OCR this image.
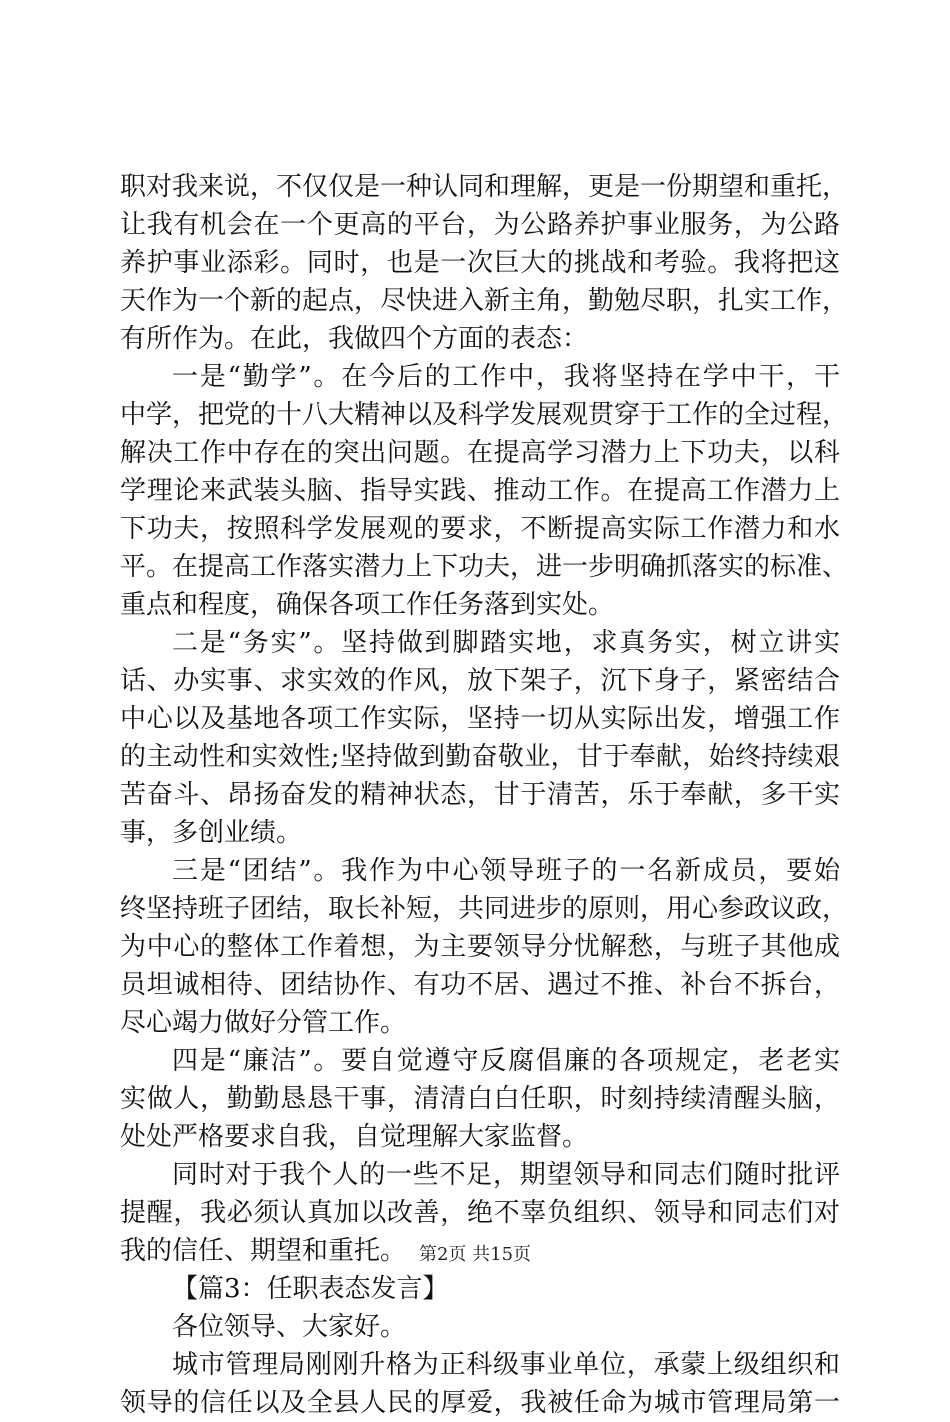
职对我来说，不仅仅是一种认同和理解，更是一份期望和重托，
让我有机会在一个更高的平台，为公路养护事业服务，为公路
养护事业添彩。同时，也是一次巨大的挑战和考验。我将把这
天作为一个新的起点，尽快进入新主角，勤勉尽职，扎实工作，
有所作为。在此，我做四个方面的表态：
一是“勤学”。在今后的工作中，我将坚持在学中干，干
中学，把党的十八大精神以及科学发展观贯穿于工作的全过程，
解决工作中存在的突出问题。在提高学习潜力上下功夫，以科
学理论来武装头脑、指导实践、推动工作。在提高工作潜力上
下功夫，按照科学发展观的要求，不断提高实际工作潜力和水
平。在提高工作落实潜力上下功夫，进一步明确抓落实的标准、
重点和程度，确保各项工作任务落到实处。
二是“务实”。坚持做到脚踏实地，求真务实，树立讲实
话、办实事、求实效的作风，放下架子，沉下身子，紧密结合
中心以及基地各项工作实际，坚持一切从实际出发，增强工作
的主动性和实效性;坚持做到勤奋敬业，甘于奉献，始终持续艰
苦奋斗、昂扬奋发的精神状态，甘于清苦，乐于奉献，多干实
事，多创业绩。
三是“团结”。我作为中心领导班子的一名新成员，要始
终坚持班子团结，取长补短，共同进步的原则，用心参政议政，
为中心的整体工作着想，为主要领导分忧解愁，与班子其他成
员坦诚相待、团结协作、有功不居、遇过不推、补台不拆台，
尽心竭力做好分管工作。
四是“廉洁”。要自觉遵守反腐倡廉的各项规定，老老实
实做人，勤勤恳恳干事，清清白白任职，时刻持续清醒头脑，
处处严格要求自我，自觉理解大家监督。
同时对于我个人的一些不足，期望领导和同志们随时批评
提醒，我必须认真加以改善，绝不辜负组织、领导和同志们对
我的信任、期望和重托。
【篇3：任职表态发言】
各位领导、大家好。
城市管理局刚刚升格为正科级事业单位，承蒙上级组织和
领导的信任以及全县人民的厚爱，我被任命为城市管理局第一
第2页 共15页
